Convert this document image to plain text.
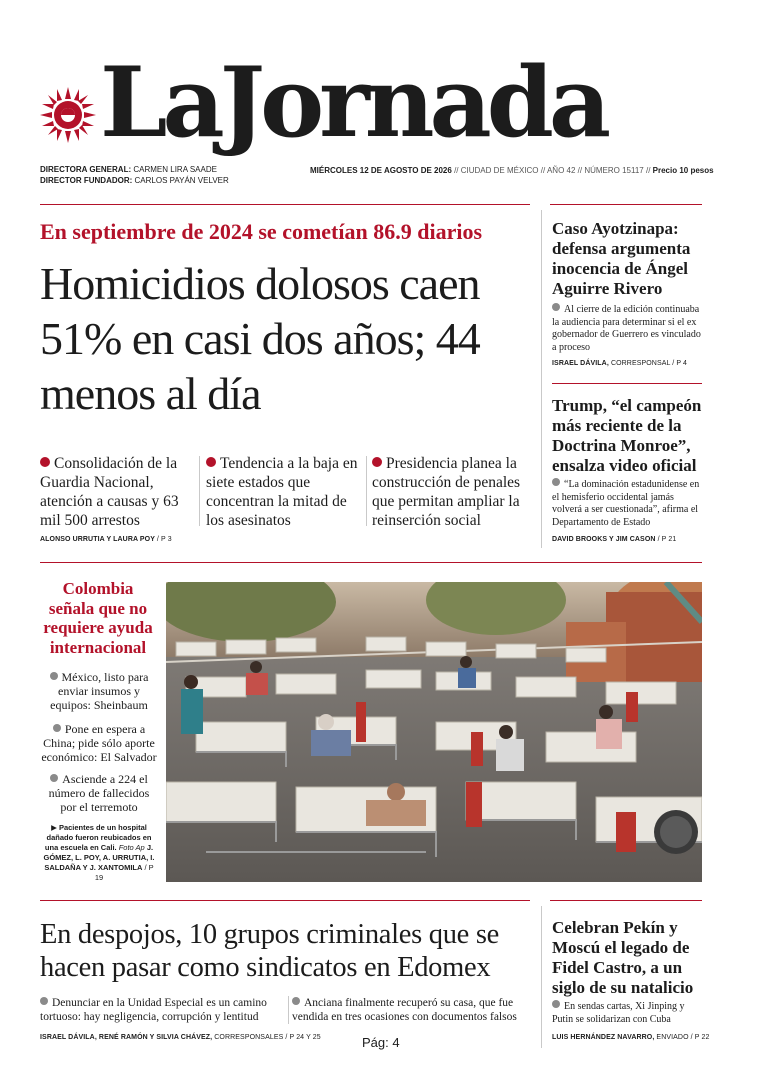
LaJornada
DIRECTORA GENERAL: CARMEN LIRA SAADE
DIRECTOR FUNDADOR: CARLOS PAYÁN VELVER
MIÉRCOLES 12 DE AGOSTO DE 2026 // CIUDAD DE MÉXICO // AÑO 42 // NÚMERO 15117 // Precio 10 pesos
En septiembre de 2024 se cometían 86.9 diarios
Homicidios dolosos caen 51% en casi dos años; 44 menos al día
Consolidación de la Guardia Nacional, atención a causas y 63 mil 500 arrestos
Tendencia a la baja en siete estados que concentran la mitad de los asesinatos
Presidencia planea la construcción de penales que permitan ampliar la reinserción social
ALONSO URRUTIA Y LAURA POY / P 3
Caso Ayotzinapa: defensa argumenta inocencia de Ángel Aguirre Rivero
Al cierre de la edición continuaba la audiencia para determinar si el ex gobernador de Guerrero es vinculado a proceso
ISRAEL DÁVILA, CORRESPONSAL / P 4
Trump, “el campeón más reciente de la Doctrina Monroe”, ensalza video oficial
“La dominación estadunidense en el hemisferio occidental jamás volverá a ser cuestionada”, afirma el Departamento de Estado
DAVID BROOKS Y JIM CASON / P 21
Colombia señala que no requiere ayuda internacional
México, listo para enviar insumos y equipos: Sheinbaum
Pone en espera a China; pide sólo aporte económico: El Salvador
Asciende a 224 el número de fallecidos por el terremoto
▶ Pacientes de un hospital dañado fueron reubicados en una escuela en Cali. Foto Ap J. GÓMEZ, L. POY, A. URRUTIA, I. SALDAÑA Y J. XANTOMILA / P 19
En despojos, 10 grupos criminales que se hacen pasar como sindicatos en Edomex
Denunciar en la Unidad Especial es un camino tortuoso: hay negligencia, corrupción y lentitud
Anciana finalmente recuperó su casa, que fue vendida en tres ocasiones con documentos falsos
ISRAEL DÁVILA, RENÉ RAMÓN Y SILVIA CHÁVEZ, CORRESPONSALES / P 24 Y 25	Pág: 4
Celebran Pekín y Moscú el legado de Fidel Castro, a un siglo de su natalicio
En sendas cartas, Xi Jinping y Putin se solidarizan con Cuba
LUIS HERNÁNDEZ NAVARRO, ENVIADO / P 22
